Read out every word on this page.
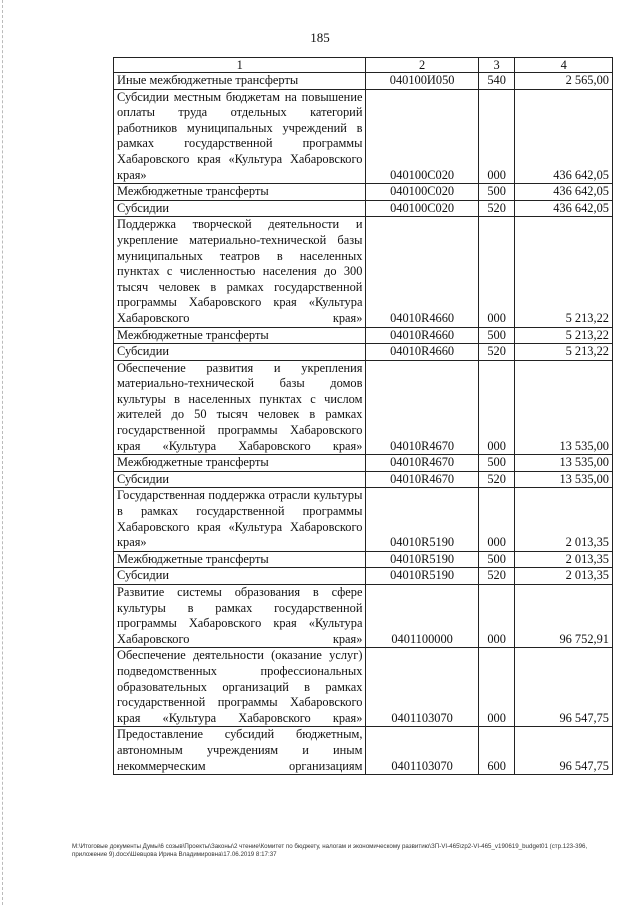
185
1	2	3	4
Иные межбюджетные трансферты	040100И050	540	2 565,00
Субсидии местным бюджетам на повышение оплаты труда отдельных категорий работников муниципальных учреждений в рамках государственной программы Хабаровского края «Культура Хабаровского края»	040100С020	000	436 642,05
Межбюджетные трансферты	040100С020	500	436 642,05
Субсидии	040100С020	520	436 642,05
Поддержка творческой деятельности и укрепление материально-технической базы муниципальных театров в населенных пунктах с численностью населения до 300 тысяч человек в рамках государственной программы Хабаровского края «Культура Хабаровского края»	04010R4660	000	5 213,22
Межбюджетные трансферты	04010R4660	500	5 213,22
Субсидии	04010R4660	520	5 213,22
Обеспечение развития и укрепления материально-технической базы домов культуры в населенных пунктах с числом жителей до 50 тысяч человек в рамках государственной программы Хабаровского края «Культура Хабаровского края»	04010R4670	000	13 535,00
Межбюджетные трансферты	04010R4670	500	13 535,00
Субсидии	04010R4670	520	13 535,00
Государственная поддержка отрасли культуры в рамках государственной программы Хабаровского края «Культура Хабаровского края»	04010R5190	000	2 013,35
Межбюджетные трансферты	04010R5190	500	2 013,35
Субсидии	04010R5190	520	2 013,35
Развитие системы образования в сфере культуры в рамках государственной программы Хабаровского края «Культура Хабаровского края»	0401100000	000	96 752,91
Обеспечение деятельности (оказание услуг) подведомственных профессиональных образовательных организаций в рамках государственной программы Хабаровского края «Культура Хабаровского края»	0401103070	000	96 547,75
Предоставление субсидий бюджетным, автономным учреждениям и иным некоммерческим организациям	0401103070	600	96 547,75
М:\Итоговые документы Думы\6 созыв\Проекты\Законы\2 чтение\Комитет по бюджету, налогам и экономическому развитию\ЗП-VI-465\zp2-VI-465_v190619_budget01 (стр.123-396, приложение 9).docx\Шевцова Ирина Владимировна\17.06.2019 8:17:37
